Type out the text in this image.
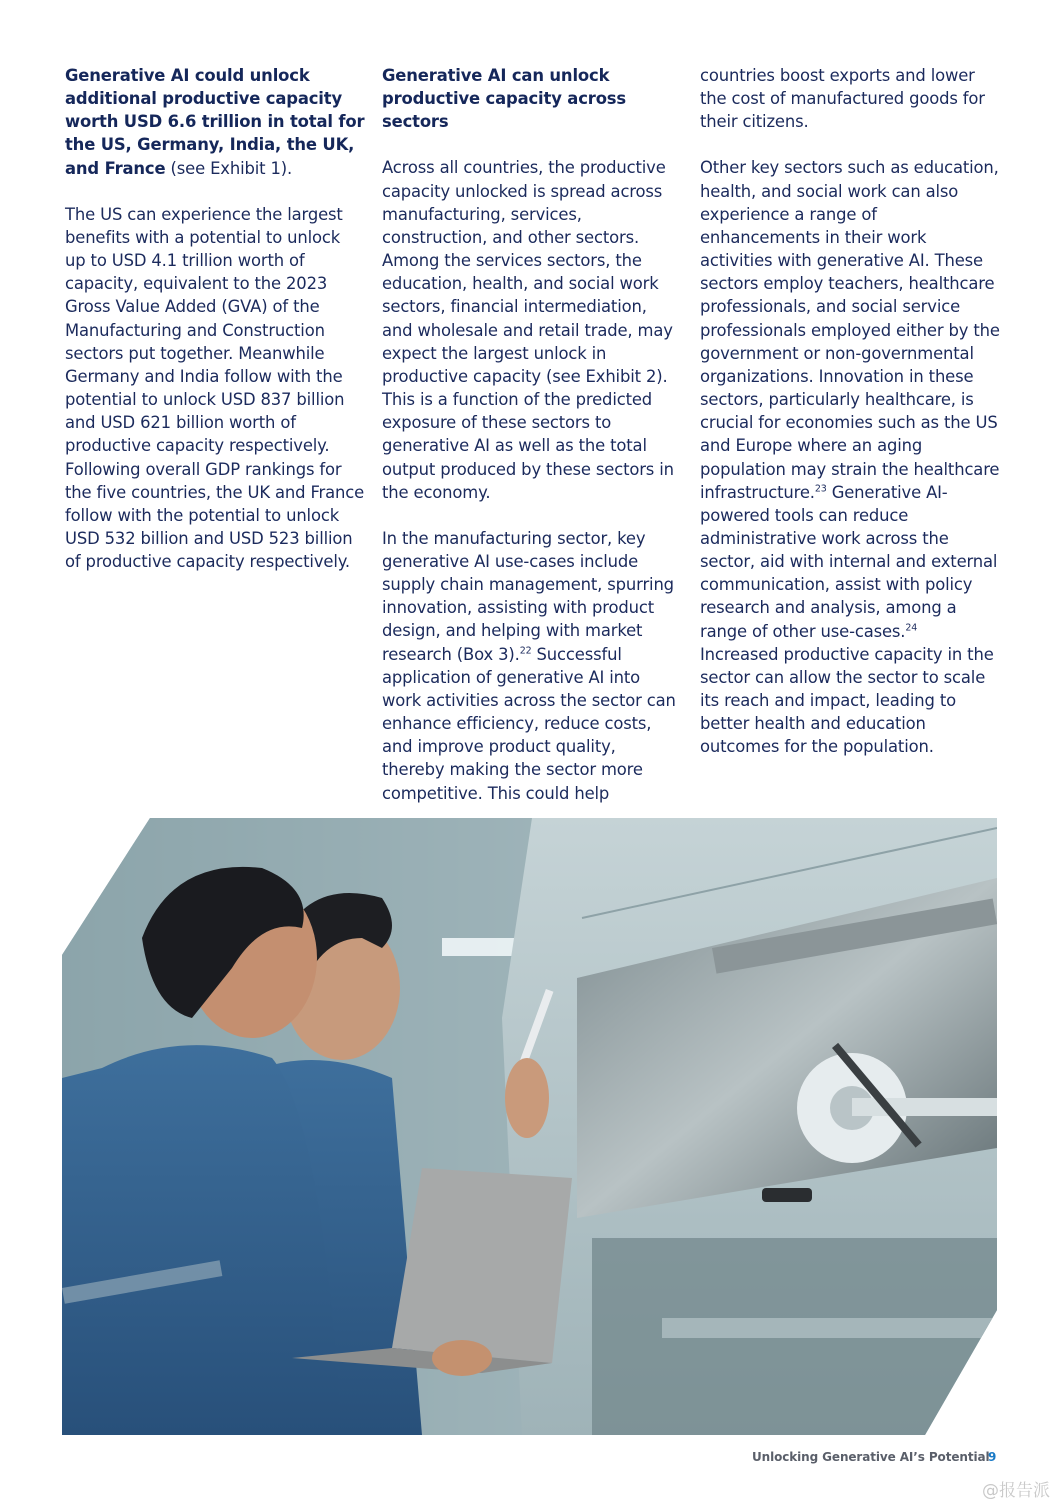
Generative AI could unlock additional productive capacity worth USD 6.6 trillion in total for the US, Germany, India, the UK, and France (see Exhibit 1).

The US can experience the largest benefits with a potential to unlock up to USD 4.1 trillion worth of capacity, equivalent to the 2023 Gross Value Added (GVA) of the Manufacturing and Construction sectors put together. Meanwhile Germany and India follow with the potential to unlock USD 837 billion and USD 621 billion worth of productive capacity respectively. Following overall GDP rankings for the five countries, the UK and France follow with the potential to unlock USD 532 billion and USD 523 billion of productive capacity respectively.

Generative AI can unlock productive capacity across sectors

Across all countries, the productive capacity unlocked is spread across manufacturing, services, construction, and other sectors. Among the services sectors, the education, health, and social work sectors, financial intermediation, and wholesale and retail trade, may expect the largest unlock in productive capacity (see Exhibit 2). This is a function of the predicted exposure of these sectors to generative AI as well as the total output produced by these sectors in the economy.

In the manufacturing sector, key generative AI use-cases include supply chain management, spurring innovation, assisting with product design, and helping with market research (Box 3).$^{22}$ Successful application of generative AI into work activities across the sector can enhance efficiency, reduce costs, and improve product quality, thereby making the sector more competitive. This could help

countries boost exports and lower the cost of manufactured goods for their citizens.

Other key sectors such as education, health, and social work can also experience a range of enhancements in their work activities with generative AI. These sectors employ teachers, healthcare professionals, and social service professionals employed either by the government or non-governmental organizations. Innovation in these sectors, particularly healthcare, is crucial for economies such as the US and Europe where an aging population may strain the healthcare infrastructure.$^{23}$ Generative AI-powered tools can reduce administrative work across the sector, aid with internal and external communication, assist with policy research and analysis, among a range of other use-cases.$^{24}$ Increased productive capacity in the sector can allow the sector to scale its reach and impact, leading to better health and education outcomes for the population.

Unlocking Generative AI’s Potential
9
@报告派
